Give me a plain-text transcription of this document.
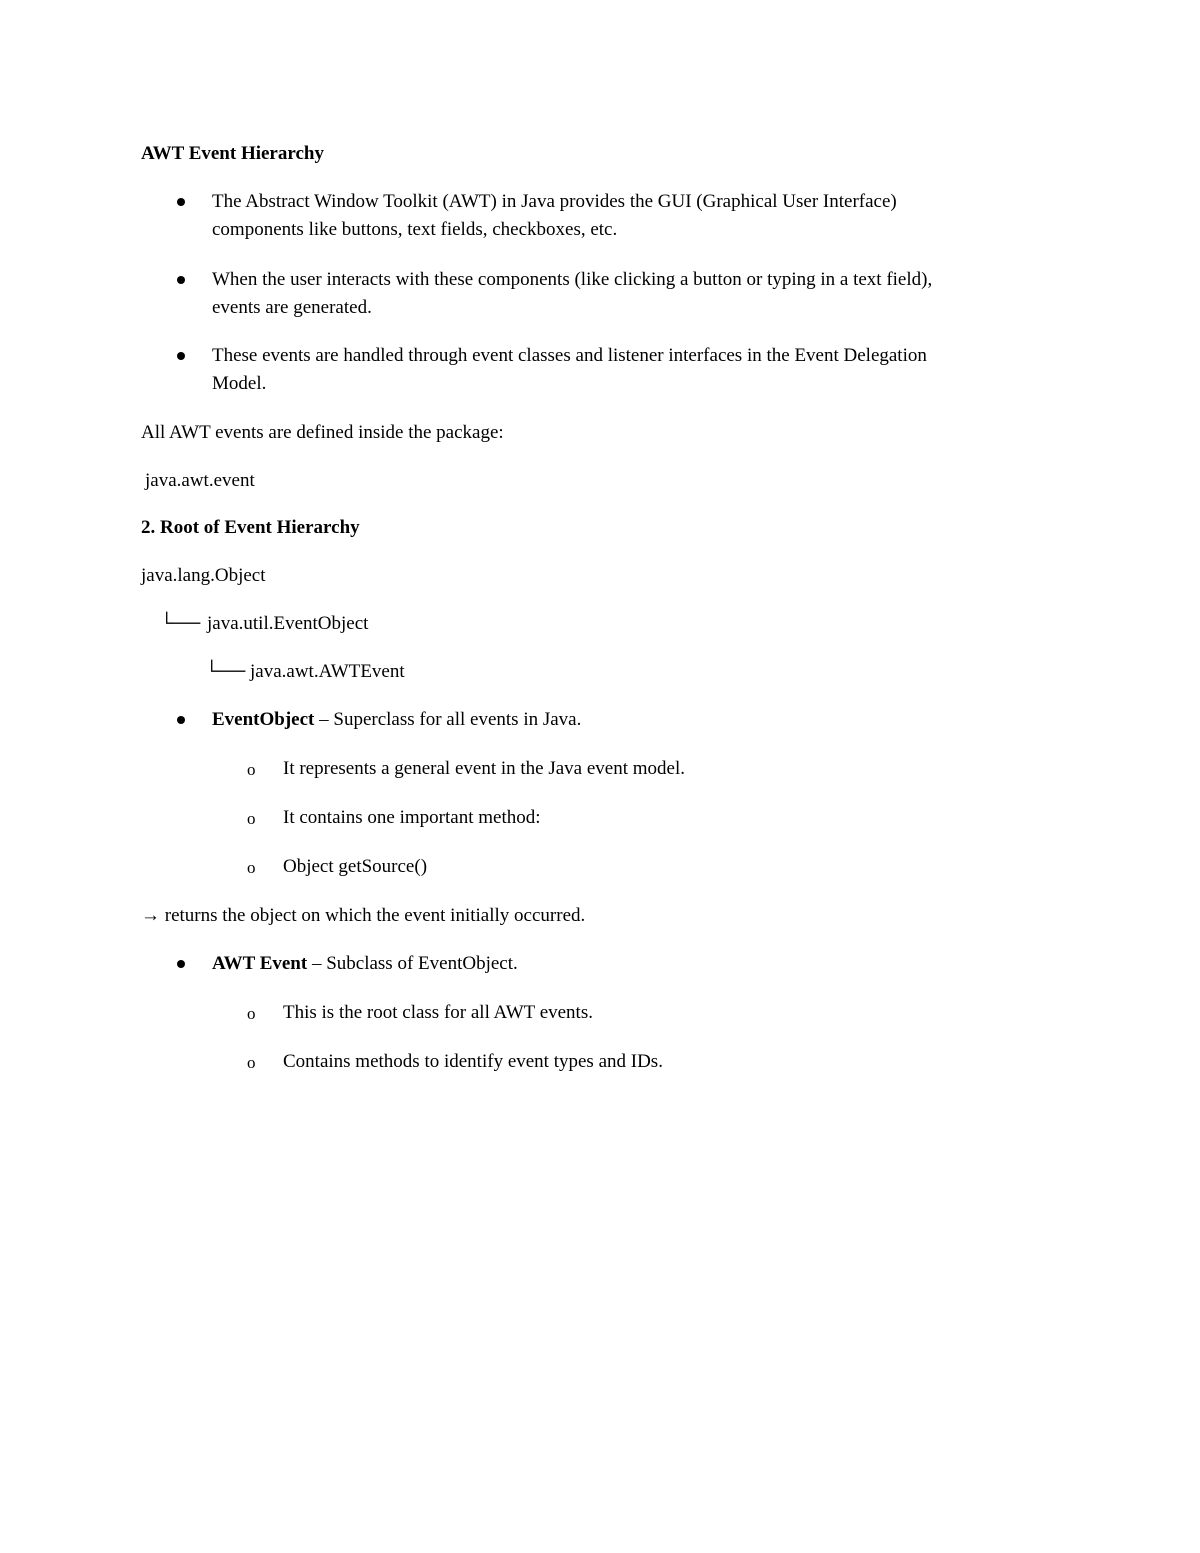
AWT Event Hierarchy
The Abstract Window Toolkit (AWT) in Java provides the GUI (Graphical User Interface)
components like buttons, text fields, checkboxes, etc.
When the user interacts with these components (like clicking a button or typing in a text field),
events are generated.
These events are handled through event classes and listener interfaces in the Event Delegation
Model.
All AWT events are defined inside the package:
java.awt.event
2. Root of Event Hierarchy
java.lang.Object
└── java.util.EventObject
└── java.awt.AWTEvent
EventObject – Superclass for all events in Java.
o It represents a general event in the Java event model.
o It contains one important method:
o Object getSource()
→ returns the object on which the event initially occurred.
AWT Event – Subclass of EventObject.
o This is the root class for all AWT events.
o Contains methods to identify event types and IDs.
